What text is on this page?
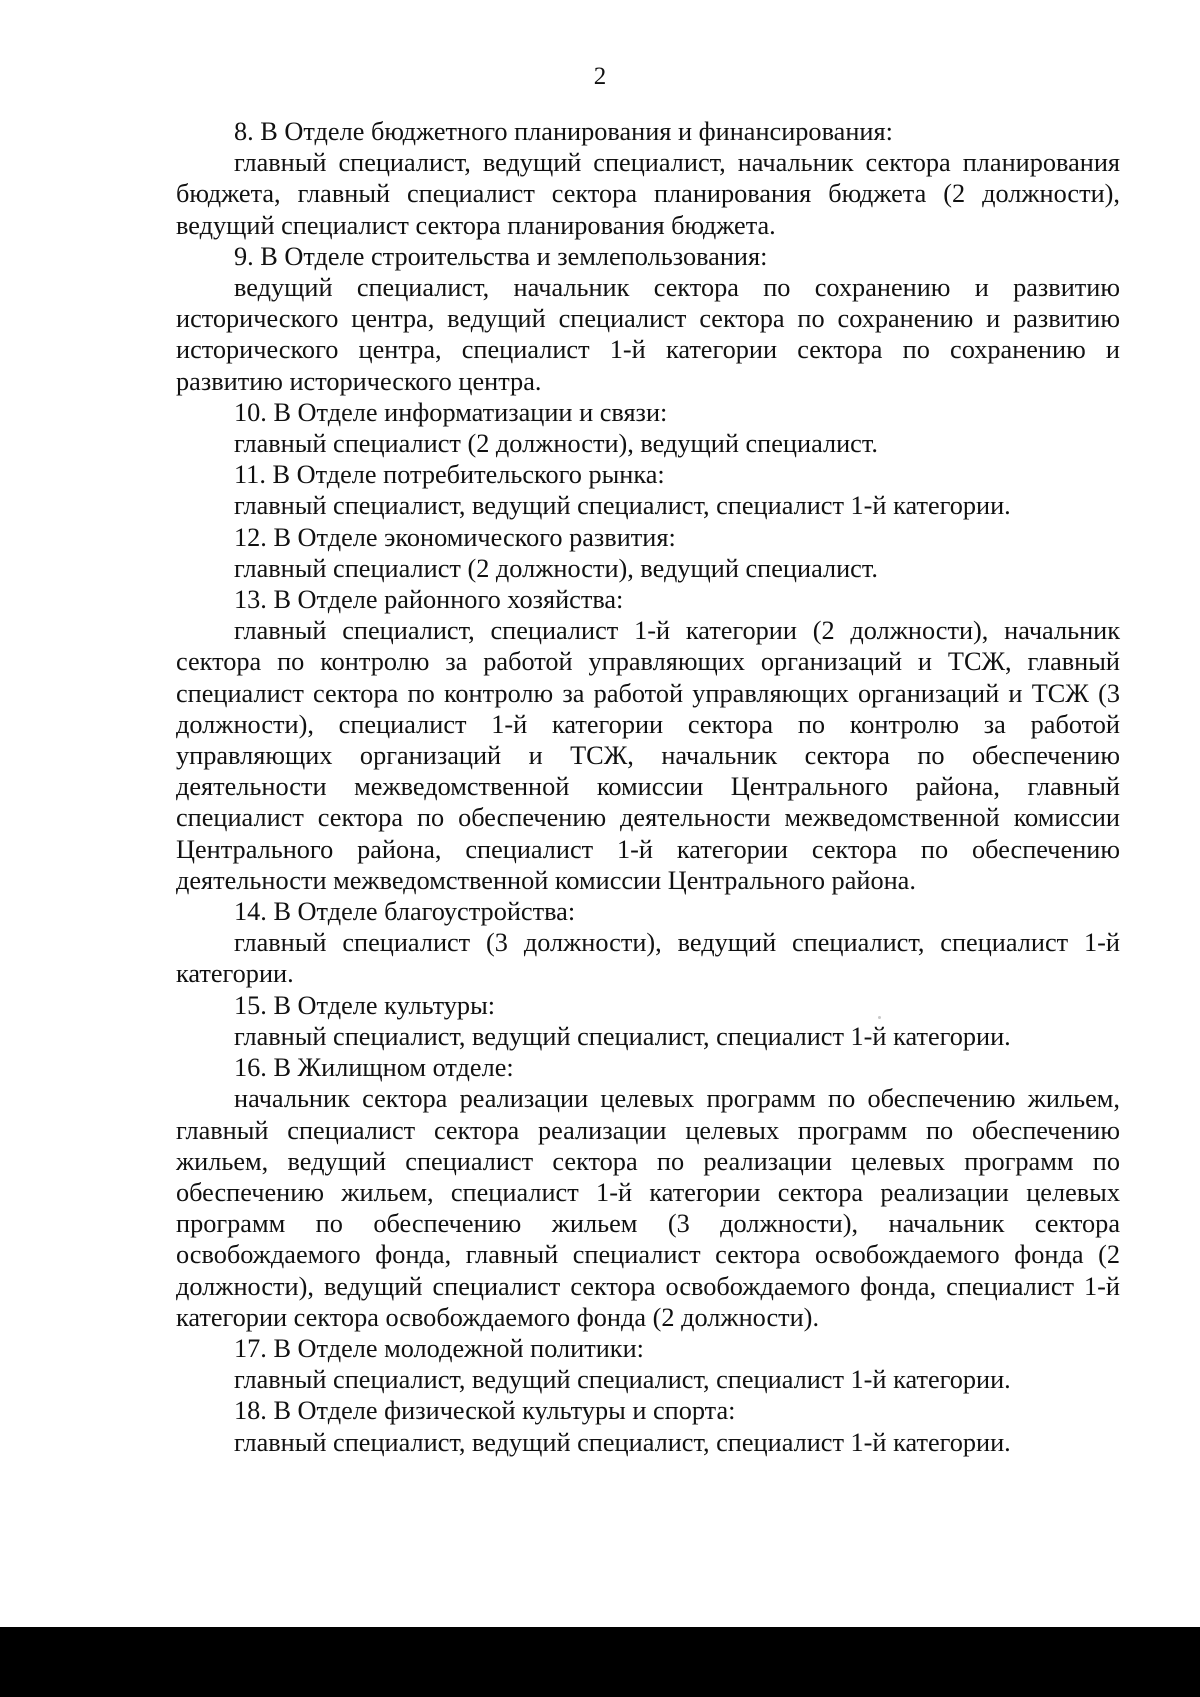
2

8. В Отделе бюджетного планирования и финансирования:

главный специалист, ведущий специалист, начальник сектора планирования бюджета, главный специалист сектора планирования бюджета (2 должности), ведущий специалист сектора планирования бюджета.

9. В Отделе строительства и землепользования:

ведущий специалист, начальник сектора по сохранению и развитию исторического центра, ведущий специалист сектора по сохранению и развитию исторического центра, специалист 1-й категории сектора по сохранению и развитию исторического центра.

10. В Отделе информатизации и связи:

главный специалист (2 должности), ведущий специалист.

11. В Отделе потребительского рынка:

главный специалист, ведущий специалист, специалист 1-й категории.

12. В Отделе экономического развития:

главный специалист (2 должности), ведущий специалист.

13. В Отделе районного хозяйства:

главный специалист, специалист 1-й категории (2 должности), начальник сектора по контролю за работой управляющих организаций и ТСЖ, главный специалист сектора по контролю за работой управляющих организаций и ТСЖ (3 должности), специалист 1-й категории сектора по контролю за работой управляющих организаций и ТСЖ, начальник сектора по обеспечению деятельности межведомственной комиссии Центрального района, главный специалист сектора по обеспечению деятельности межведомственной комиссии Центрального района, специалист 1-й категории сектора по обеспечению деятельности межведомственной комиссии Центрального района.

14. В Отделе благоустройства:

главный специалист (3 должности), ведущий специалист, специалист 1-й категории.

15. В Отделе культуры:

главный специалист, ведущий специалист, специалист 1-й категории.

16. В Жилищном отделе:

начальник сектора реализации целевых программ по обеспечению жильем, главный специалист сектора реализации целевых программ по обеспечению жильем, ведущий специалист сектора по реализации целевых программ по обеспечению жильем, специалист 1-й категории сектора реализации целевых программ по обеспечению жильем (3 должности), начальник сектора освобождаемого фонда, главный специалист сектора освобождаемого фонда (2 должности), ведущий специалист сектора освобождаемого фонда, специалист 1-й категории сектора освобождаемого фонда (2 должности).

17. В Отделе молодежной политики:

главный специалист, ведущий специалист, специалист 1-й категории.

18. В Отделе физической культуры и спорта:

главный специалист, ведущий специалист, специалист 1-й категории.
